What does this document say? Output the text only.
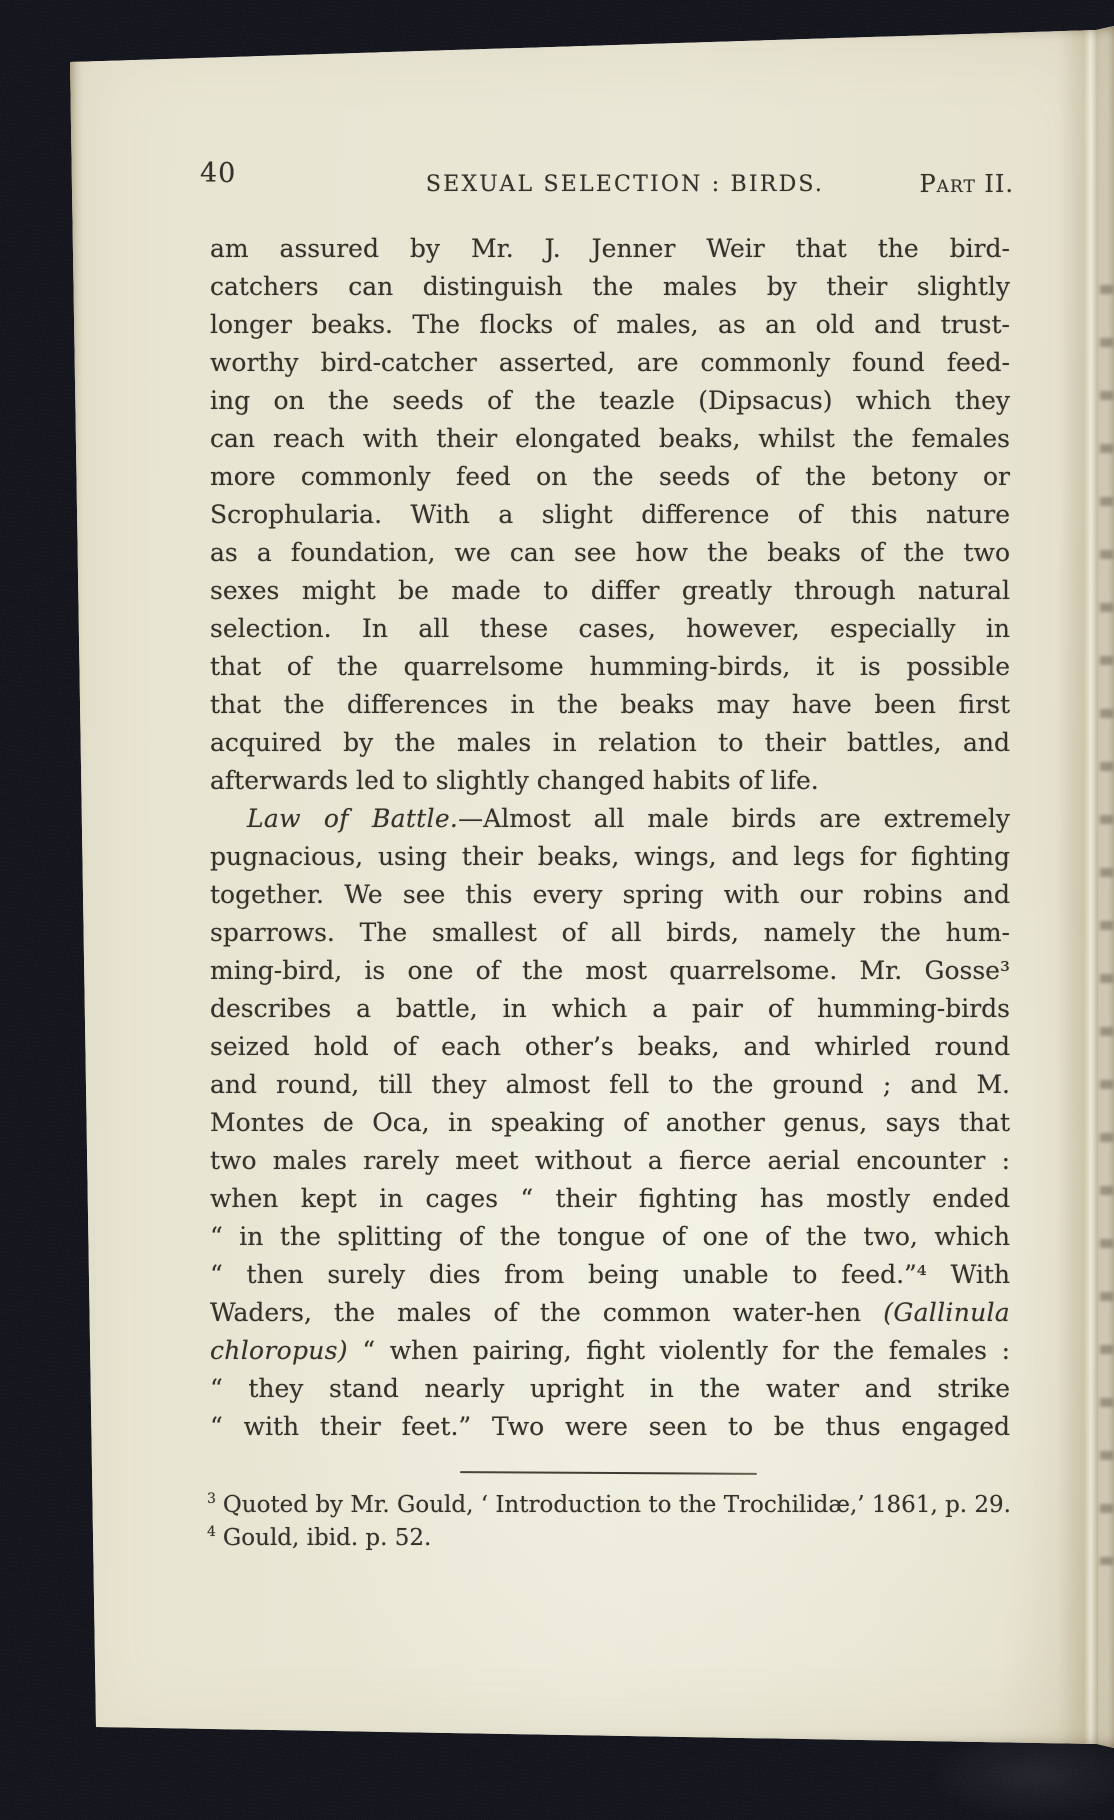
40	SEXUAL SELECTION : BIRDS.	Part II.
am assured by Mr. J. Jenner Weir that the bird-
catchers can distinguish the males by their slightly
longer beaks. The flocks of males, as an old and trust-
worthy bird-catcher asserted, are commonly found feed-
ing on the seeds of the teazle (Dipsacus) which they
can reach with their elongated beaks, whilst the females
more commonly feed on the seeds of the betony or
Scrophularia. With a slight difference of this nature
as a foundation, we can see how the beaks of the two
sexes might be made to differ greatly through natural
selection. In all these cases, however, especially in
that of the quarrelsome humming-birds, it is possible
that the differences in the beaks may have been first
acquired by the males in relation to their battles, and
afterwards led to slightly changed habits of life.
Law of Battle.—Almost all male birds are extremely
pugnacious, using their beaks, wings, and legs for fighting
together. We see this every spring with our robins and
sparrows. The smallest of all birds, namely the hum-
ming-bird, is one of the most quarrelsome. Mr. Gosse³
describes a battle, in which a pair of humming-birds
seized hold of each other’s beaks, and whirled round
and round, till they almost fell to the ground ; and M.
Montes de Oca, in speaking of another genus, says that
two males rarely meet without a fierce aerial encounter :
when kept in cages “ their fighting has mostly ended
“ in the splitting of the tongue of one of the two, which
“ then surely dies from being unable to feed.”⁴ With
Waders, the males of the common water-hen (Gallinula
chloropus) “ when pairing, fight violently for the females :
“ they stand nearly upright in the water and strike
“ with their feet.” Two were seen to be thus engaged
$^3$ Quoted by Mr. Gould, ‘ Introduction to the Trochilidæ,’ 1861, p. 29.
$^4$ Gould, ibid. p. 52.
